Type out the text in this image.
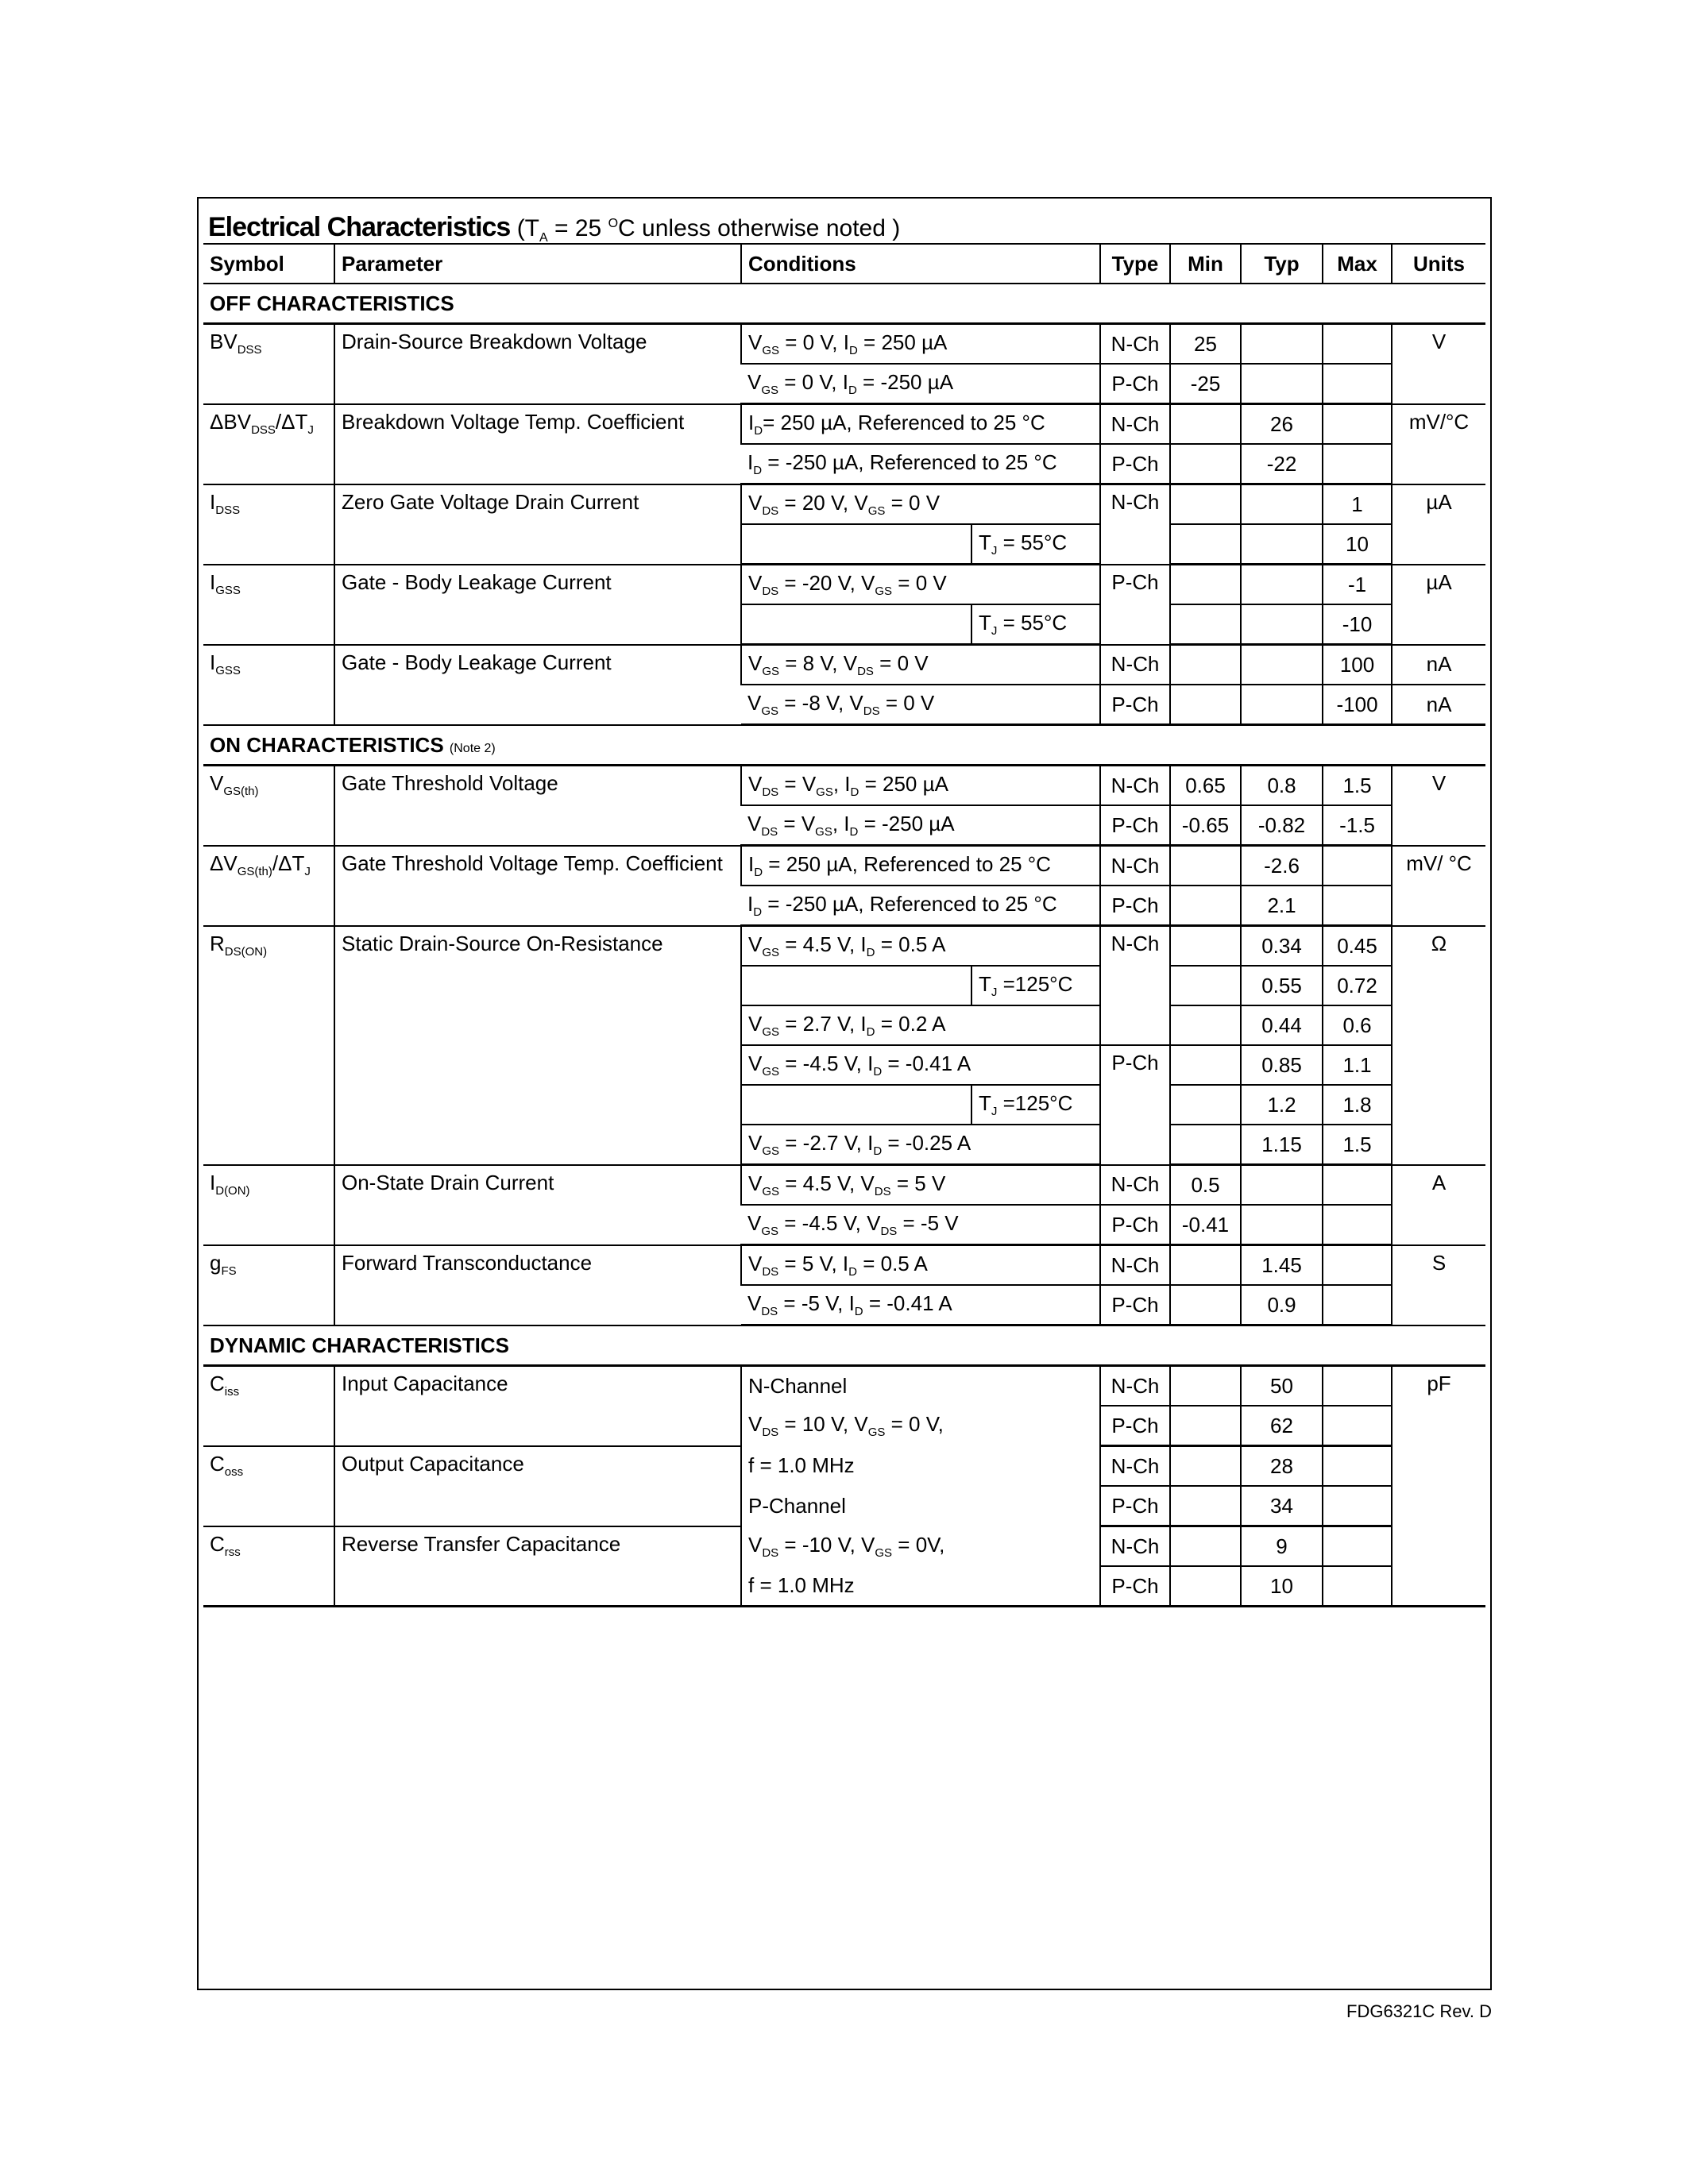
Electrical Characteristics ($T_A = 25$ $^O$C unless otherwise noted )
Symbol	Parameter	Conditions		Type	Min	Typ	Max	Units
OFF CHARACTERISTICS								
$BV_{DSS}$	Drain-Source Breakdown Voltage	$V_{GS} = 0$ V, $I_D = 250$ µA		N-Ch	25			V
		$V_{GS} = 0$ V, $I_D = -250$ µA		P-Ch	-25			
$\Delta BV_{DSS}/\Delta T_J$	Breakdown Voltage Temp. Coefficient	$I_D= 250$ µA, Referenced to 25 °C		N-Ch		26		mV/°C
		$I_D = -250$ µA, Referenced to 25 °C		P-Ch		-22		
$I_{DSS}$	Zero Gate Voltage Drain Current	$V_{DS} = 20$ V, $V_{GS} = 0$ V		N-Ch			1	µA
			$T_J = 55^\circ C$				10	
$I_{GSS}$	Gate - Body Leakage Current	$V_{DS} = -20$ V, $V_{GS} = 0$ V		P-Ch			-1	µA
			$T_J = 55^\circ C$				-10	
$I_{GSS}$	Gate - Body Leakage Current	$V_{GS} = 8$ V, $V_{DS} = 0$ V		N-Ch			100	nA
		$V_{GS} = -8$ V, $V_{DS} = 0$ V		P-Ch			-100	nA
ON CHARACTERISTICS (Note 2)								
$V_{GS(th)}$	Gate Threshold Voltage	$V_{DS} = V_{GS}$, $I_D = 250$ µA		N-Ch	0.65	0.8	1.5	V
		$V_{DS} = V_{GS}$, $I_D = -250$ µA		P-Ch	-0.65	-0.82	-1.5	
$\Delta V_{GS(th)}/\Delta T_J$	Gate Threshold Voltage Temp. Coefficient	$I_D = 250$ µA, Referenced to 25 °C		N-Ch		-2.6		mV/ °C
		$I_D = -250$ µA, Referenced to 25 °C		P-Ch		2.1		
$R_{DS(ON)}$	Static Drain-Source On-Resistance	$V_{GS} = 4.5$ V, $I_D = 0.5$ A		N-Ch		0.34	0.45	Ω
			$T_J =125^\circ C$			0.55	0.72	
		$V_{GS} = 2.7$ V, $I_D = 0.2$ A				0.44	0.6	
		$V_{GS} = -4.5$ V, $I_D = -0.41$ A		P-Ch		0.85	1.1	
			$T_J =125^\circ C$			1.2	1.8	
		$V_{GS} = -2.7$ V, $I_D = -0.25$ A				1.15	1.5	
$I_{D(ON)}$	On-State Drain Current	$V_{GS} = 4.5$ V, $V_{DS} = 5$ V		N-Ch	0.5			A
		$V_{GS} = -4.5$ V, $V_{DS} = -5$ V		P-Ch	-0.41			
$g_{FS}$	Forward Transconductance	$V_{DS} = 5$ V, $I_D = 0.5$ A		N-Ch		1.45		S
		$V_{DS} = -5$ V, $I_D = -0.41$ A		P-Ch		0.9		
DYNAMIC CHARACTERISTICS								
$C_{iss}$	Input Capacitance	N-Channel		N-Ch		50		pF
		$V_{DS} = 10$ V, $V_{GS} = 0$ V,		P-Ch		62		
$C_{oss}$	Output Capacitance	f = 1.0 MHz		N-Ch		28		
		P-Channel		P-Ch		34		
$C_{rss}$	Reverse Transfer Capacitance	$V_{DS} = -10$ V, $V_{GS} = 0V$,		N-Ch		9		
		f = 1.0 MHz		P-Ch		10		
FDG6321C Rev. D
